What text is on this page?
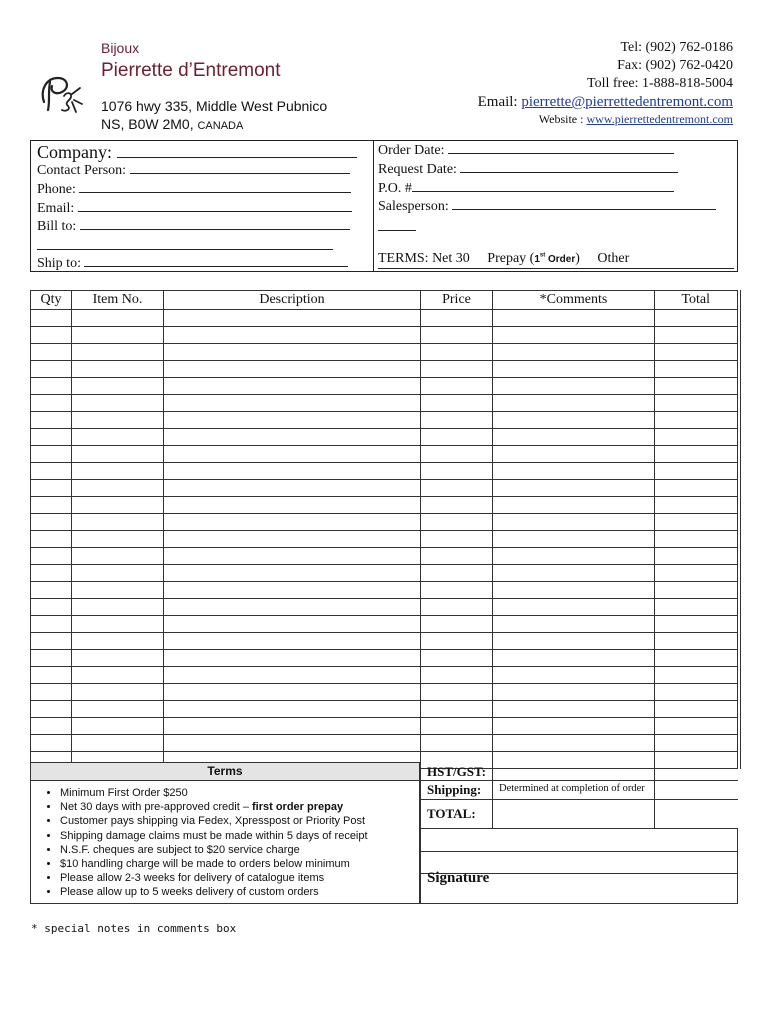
Bijoux
Pierrette d’Entremont
1076 hwy 335, Middle West Pubnico
NS, B0W 2M0, CANADA
Tel: (902) 762-0186
Fax: (902) 762-0420
Toll free: 1-888-818-5004
Email: pierrette@pierrettedentremont.com
Website : www.pierrettedentremont.com
Company:
Contact Person:
Phone:
Email:
Bill to:
Ship to:
Order Date:
Request Date:
P.O. #
Salesperson:
TERMS: Net 30 Prepay (1st Order) Other
Qty	Item No.	Description	Price	*Comments	Total

Terms
• Minimum First Order $250
• Net 30 days with pre-approved credit – first order prepay
• Customer pays shipping via Fedex, Xpresspost or Priority Post
• Shipping damage claims must be made within 5 days of receipt
• N.S.F. cheques are subject to $20 service charge
• $10 handling charge will be made to orders below minimum
• Please allow 2-3 weeks for delivery of catalogue items
• Please allow up to 5 weeks delivery of custom orders
HST/GST:
Shipping: Determined at completion of order
TOTAL:
Signature
* special notes in comments box
